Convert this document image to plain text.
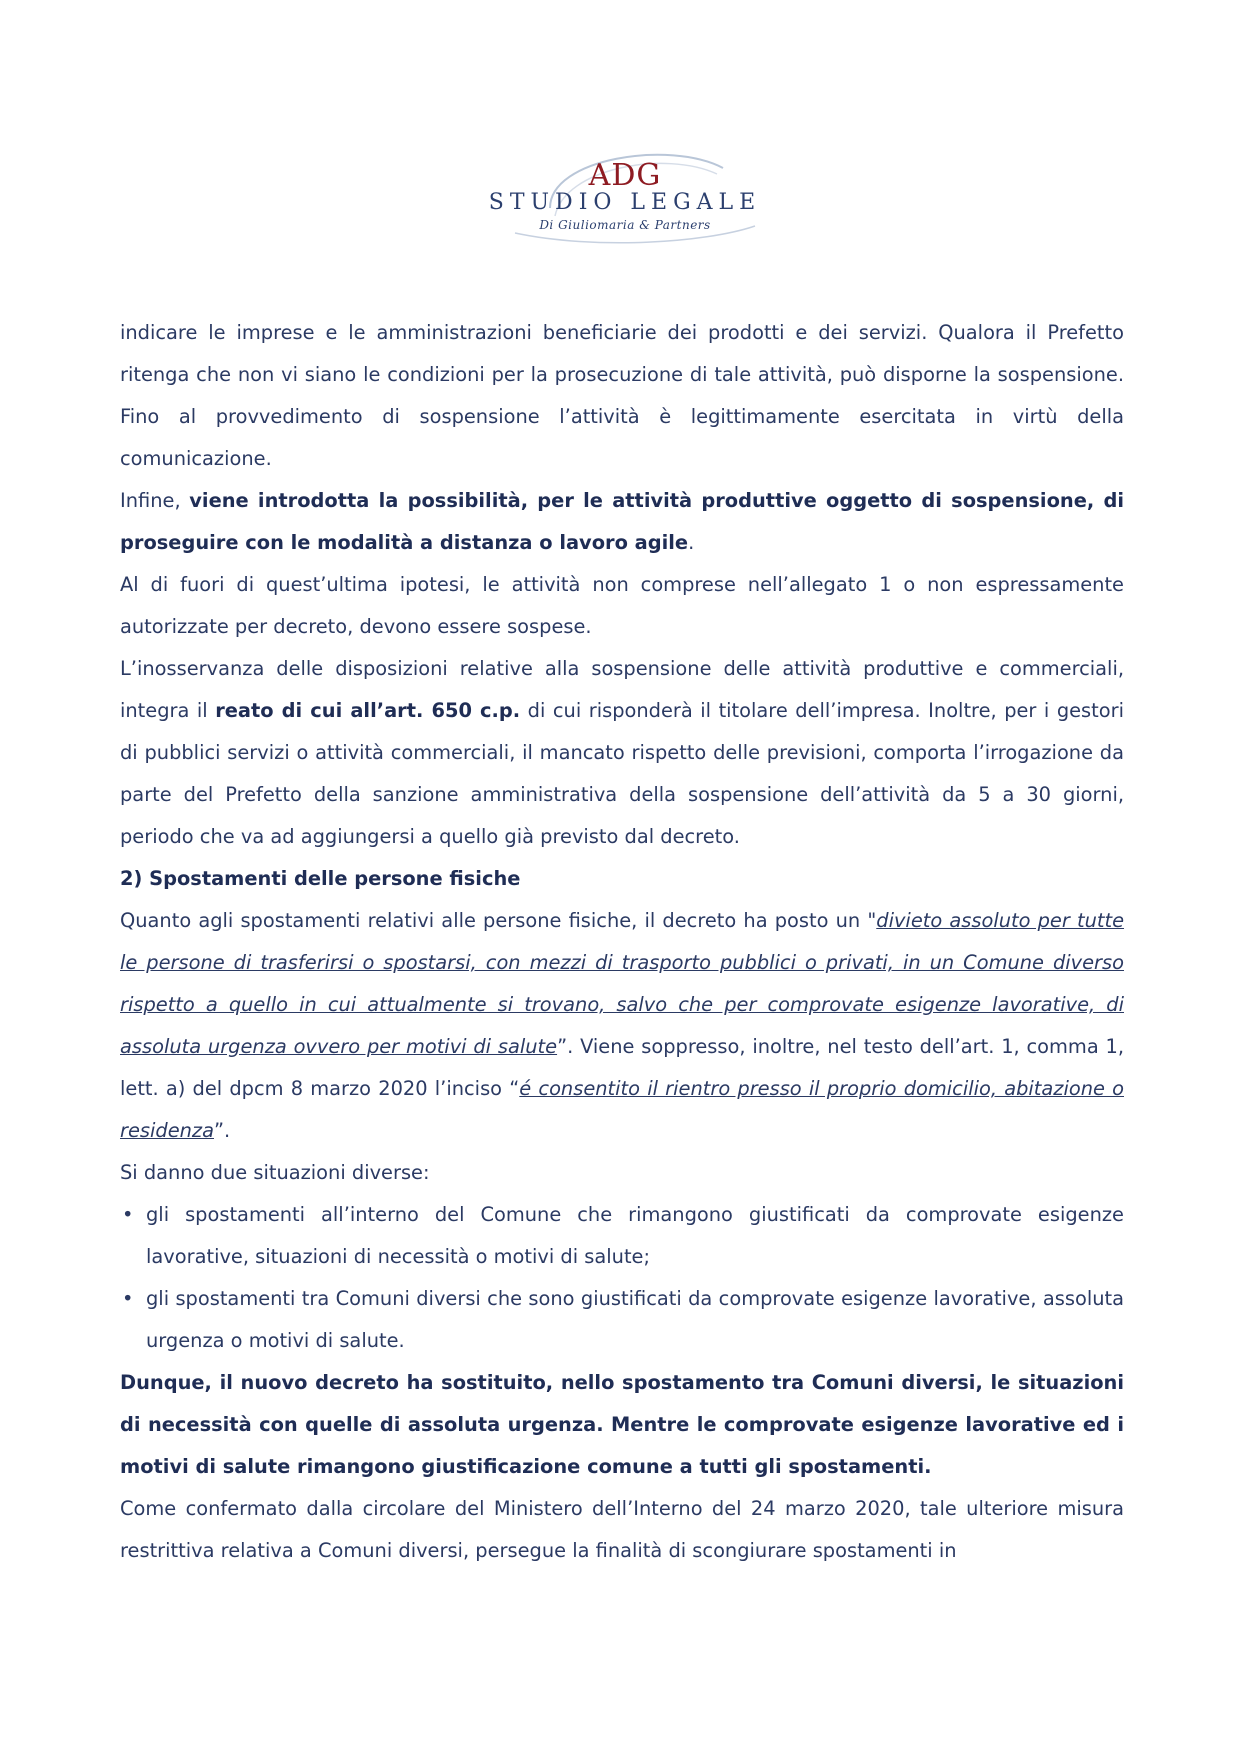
ADG
STUDIO LEGALE
Di Giuliomaria & Partners

indicare le imprese e le amministrazioni beneficiarie dei prodotti e dei servizi. Qualora il Prefetto ritenga che non vi siano le condizioni per la prosecuzione di tale attività, può disporne la sospensione. Fino al provvedimento di sospensione l’attività è legittimamente esercitata in virtù della comunicazione.

Infine, viene introdotta la possibilità, per le attività produttive oggetto di sospensione, di proseguire con le modalità a distanza o lavoro agile.

Al di fuori di quest’ultima ipotesi, le attività non comprese nell’allegato 1 o non espressamente autorizzate per decreto, devono essere sospese.

L’inosservanza delle disposizioni relative alla sospensione delle attività produttive e commerciali, integra il reato di cui all’art. 650 c.p. di cui risponderà il titolare dell’impresa. Inoltre, per i gestori di pubblici servizi o attività commerciali, il mancato rispetto delle previsioni, comporta l’irrogazione da parte del Prefetto della sanzione amministrativa della sospensione dell’attività da 5 a 30 giorni, periodo che va ad aggiungersi a quello già previsto dal decreto.

2) Spostamenti delle persone fisiche

Quanto agli spostamenti relativi alle persone fisiche, il decreto ha posto un "divieto assoluto per tutte le persone di trasferirsi o spostarsi, con mezzi di trasporto pubblici o privati, in un Comune diverso rispetto a quello in cui attualmente si trovano, salvo che per comprovate esigenze lavorative, di assoluta urgenza ovvero per motivi di salute”. Viene soppresso, inoltre, nel testo dell’art. 1, comma 1, lett. a) del dpcm 8 marzo 2020 l’inciso “é consentito il rientro presso il proprio domicilio, abitazione o residenza”.

Si danno due situazioni diverse:

• gli spostamenti all’interno del Comune che rimangono giustificati da comprovate esigenze lavorative, situazioni di necessità o motivi di salute;
• gli spostamenti tra Comuni diversi che sono giustificati da comprovate esigenze lavorative, assoluta urgenza o motivi di salute.

Dunque, il nuovo decreto ha sostituito, nello spostamento tra Comuni diversi, le situazioni di necessità con quelle di assoluta urgenza. Mentre le comprovate esigenze lavorative ed i motivi di salute rimangono giustificazione comune a tutti gli spostamenti.

Come confermato dalla circolare del Ministero dell’Interno del 24 marzo 2020, tale ulteriore misura restrittiva relativa a Comuni diversi, persegue la finalità di scongiurare spostamenti in
